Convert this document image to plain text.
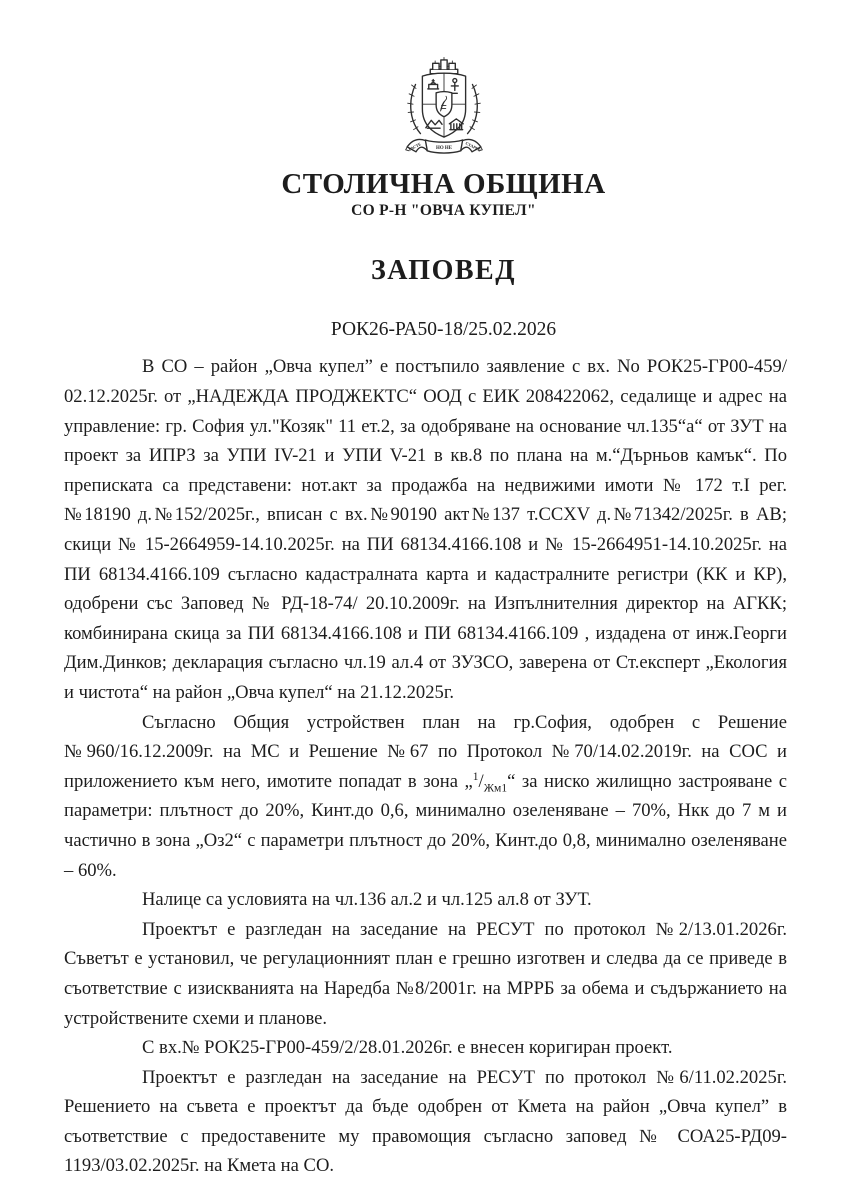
РАСТЕ	НО НЕ	СТАРЕЕ
СТОЛИЧНА ОБЩИНА
СО Р-Н "ОВЧА КУПЕЛ"
ЗАПОВЕД
РОК26-РА50-18/25.02.2026

В СО – район „Овча купел” е постъпило заявление с вх. No РОК25-ГР00-459/ 02.12.2025г. от „НАДЕЖДА ПРОДЖЕКТС“ ООД с ЕИК 208422062, седалище и адрес на управление: гр. София ул."Козяк" 11 ет.2, за одобряване на основание чл.135“а“ от ЗУТ на проект за ИПРЗ за УПИ IV-21 и УПИ V-21 в кв.8 по плана на м.“Дърньов камък“. По преписката са представени: нот.акт за продажба на недвижими имоти № 172 т.I рег.№18190 д.№152/2025г., вписан с вх.№90190 акт№137 т.CCXV д.№71342/2025г. в АВ; скици № 15-2664959-14.10.2025г. на ПИ 68134.4166.108 и № 15-2664951-14.10.2025г. на ПИ 68134.4166.109 съгласно кадастралната карта и кадастралните регистри (КК и КР), одобрени със Заповед № РД-18-74/ 20.10.2009г. на Изпълнителния директор на АГКК; комбинирана скица за ПИ 68134.4166.108 и ПИ 68134.4166.109 , издадена от инж.Георги Дим.Динков; декларация съгласно чл.19 ал.4 от ЗУЗСО, заверена от Ст.експерт „Екология и чистота“ на район „Овча купел“ на 21.12.2025г.

Съгласно Общия устройствен план на гр.София, одобрен с Решение №960/16.12.2009г. на МС и Решение №67 по Протокол №70/14.02.2019г. на СОС и приложението към него, имотите попадат в зона $„^1/_{Жм1}“$ за ниско жилищно застрояване с параметри: плътност до 20%, Кинт.до 0,6, минимално озеленяване – 70%, Нкк до 7 м и частично в зона „Оз2“ с параметри плътност до 20%, Кинт.до 0,8, минимално озеленяване – 60%.

Налице са условията на чл.136 ал.2 и чл.125 ал.8 от ЗУТ.

Проектът е разгледан на заседание на РЕСУТ по протокол №2/13.01.2026г. Съветът е установил, че регулационният план е грешно изготвен и следва да се приведе в съответствие с изискванията на Наредба №8/2001г. на МРРБ за обема и съдържанието на устройствените схеми и планове.

С вх.№ РОК25-ГР00-459/2/28.01.2026г. е внесен коригиран проект.

Проектът е разгледан на заседание на РЕСУТ по протокол №6/11.02.2025г. Решението на съвета е проектът да бъде одобрен от Кмета на район „Овча купел” в съответствие с предоставените му правомощия съгласно заповед № СОА25-РД09-1193/03.02.2025г. на Кмета на СО.
